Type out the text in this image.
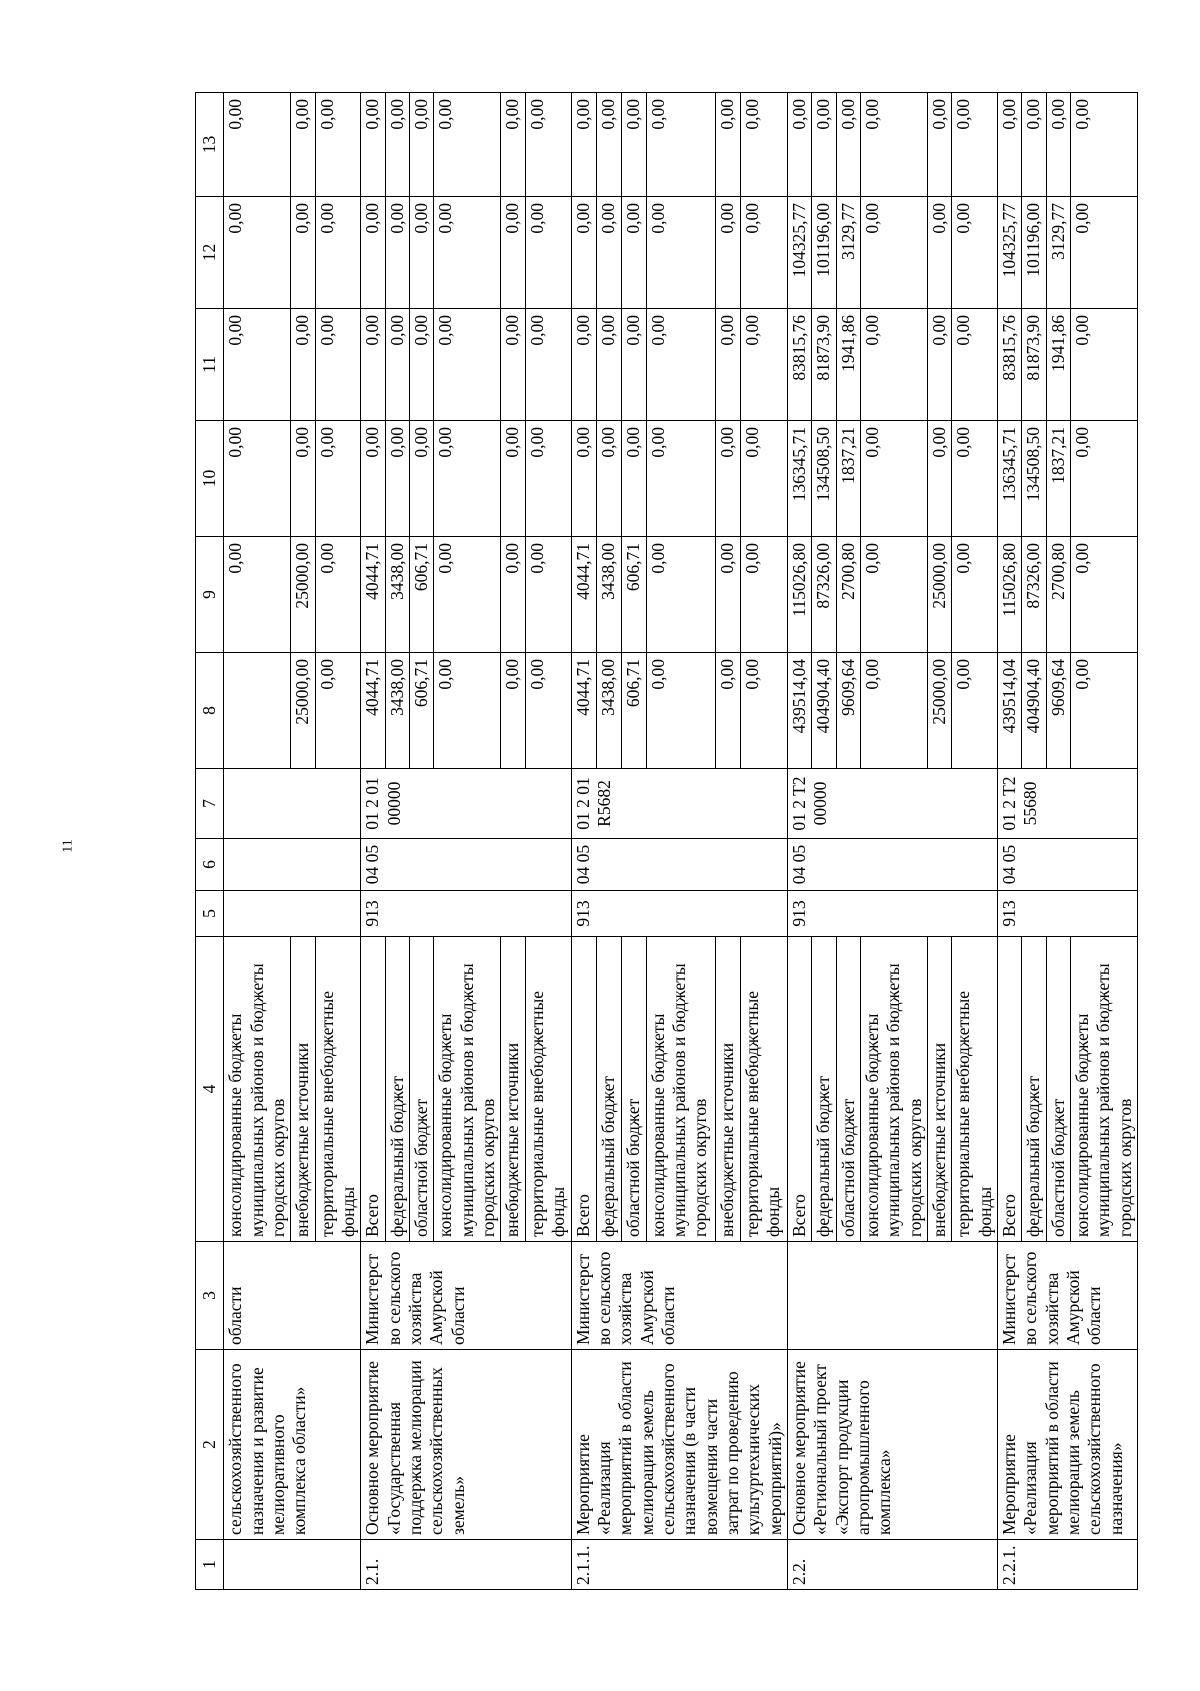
11
1	2	3	4	5	6	7	8	9	10	11	12	13
	сельскохозяйственного назначения и развитие мелиоративного комплекса области»	области	консолидированные бюджеты муниципальных районов и бюджеты городских округов					0,00	0,00	0,00	0,00	0,00
			внебюджетные источники				25000,00	25000,00	0,00	0,00	0,00	0,00
			территориальные внебюджетные фонды				0,00	0,00	0,00	0,00	0,00	0,00
2.1.	Основное мероприятие «Государственная поддержка мелиорации сельскохозяйственных земель»	Министерство сельского хозяйства Амурской области	Всего	913	04 05	01 2 01 00000	4044,71	4044,71	0,00	0,00	0,00	0,00
			федеральный бюджет				3438,00	3438,00	0,00	0,00	0,00	0,00
			областной бюджет				606,71	606,71	0,00	0,00	0,00	0,00
			консолидированные бюджеты муниципальных районов и бюджеты городских округов				0,00	0,00	0,00	0,00	0,00	0,00
			внебюджетные источники				0,00	0,00	0,00	0,00	0,00	0,00
			территориальные внебюджетные фонды				0,00	0,00	0,00	0,00	0,00	0,00
2.1.1.	Мероприятие «Реализация мероприятий в области мелиорации земель сельскохозяйственного назначения (в части возмещения части затрат по проведению культуртехнических мероприятий)»	Министерство сельского хозяйства Амурской области	Всего	913	04 05	01 2 01 R5682	4044,71	4044,71	0,00	0,00	0,00	0,00
			федеральный бюджет				3438,00	3438,00	0,00	0,00	0,00	0,00
			областной бюджет				606,71	606,71	0,00	0,00	0,00	0,00
			консолидированные бюджеты муниципальных районов и бюджеты городских округов				0,00	0,00	0,00	0,00	0,00	0,00
			внебюджетные источники				0,00	0,00	0,00	0,00	0,00	0,00
			территориальные внебюджетные фонды				0,00	0,00	0,00	0,00	0,00	0,00
2.2.	Основное мероприятие «Региональный проект «Экспорт продукции агропромышленного комплекса»		Всего	913	04 05	01 2 T2 00000	439514,04	115026,80	136345,71	83815,76	104325,77	0,00
			федеральный бюджет				404904,40	87326,00	134508,50	81873,90	101196,00	0,00
			областной бюджет				9609,64	2700,80	1837,21	1941,86	3129,77	0,00
			консолидированные бюджеты муниципальных районов и бюджеты городских округов				0,00	0,00	0,00	0,00	0,00	0,00
			внебюджетные источники				25000,00	25000,00	0,00	0,00	0,00	0,00
			территориальные внебюджетные фонды				0,00	0,00	0,00	0,00	0,00	0,00
2.2.1.	Мероприятие «Реализация мероприятий в области мелиорации земель сельскохозяйственного назначения»	Министерство сельского хозяйства Амурской области	Всего	913	04 05	01 2 T2 55680	439514,04	115026,80	136345,71	83815,76	104325,77	0,00
			федеральный бюджет				404904,40	87326,00	134508,50	81873,90	101196,00	0,00
			областной бюджет				9609,64	2700,80	1837,21	1941,86	3129,77	0,00
			консолидированные бюджеты муниципальных районов и бюджеты городских округов				0,00	0,00	0,00	0,00	0,00	0,00
